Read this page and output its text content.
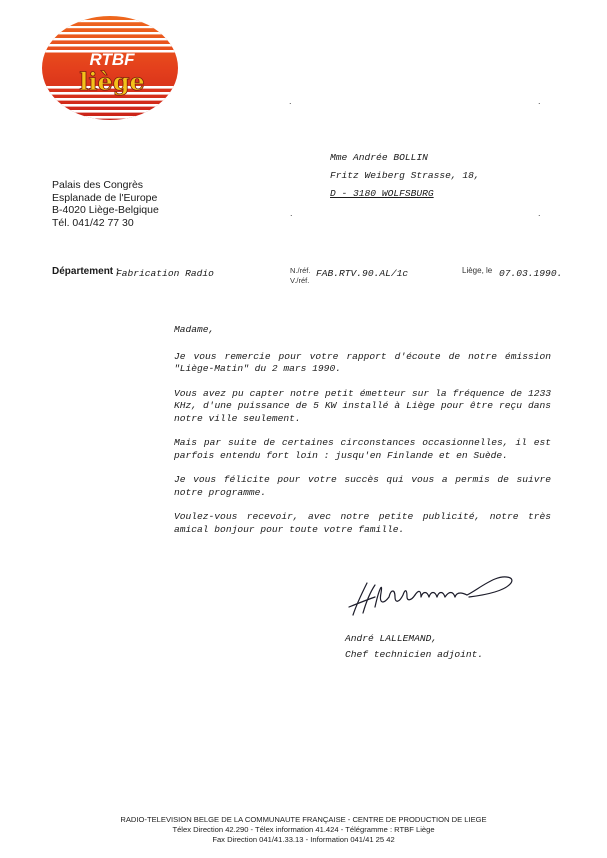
RTBF
liège
.	.
.
.
Palais des Congrès
Esplanade de l'Europe
B-4020 Liège-Belgique
Tél. 041/42 77 30
Mme Andrée BOLLIN
Fritz Weiberg Strasse, 18,
D - 3180 WOLFSBURG
Département :
Fabrication Radio	N./réf.
V./réf.
FAB.RTV.90.AL/1c	Liège, le 07.03.1990.

Madame,

Je vous remercie pour votre rapport d'écoute de notre émission "Liège-Matin" du 2 mars 1990.

Vous avez pu capter notre petit émetteur sur la fréquence de 1233 KHz, d'une puissance de 5 KW installé à Liège pour être reçu dans notre ville seulement.

Mais par suite de certaines circonstances occasionnelles, il est parfois entendu fort loin : jusqu'en Finlande et en Suède.

Je vous félicite pour votre succès qui vous a permis de suivre notre programme.

Voulez-vous recevoir, avec notre petite publicité, notre très amical bonjour pour toute votre famille.

André LALLEMAND,
Chef technicien adjoint.
RADIO-TELEVISION BELGE DE LA COMMUNAUTE FRANÇAISE - CENTRE DE PRODUCTION DE LIEGE
Télex Direction 42.290 - Télex information 41.424 - Télégramme : RTBF Liège
Fax Direction 041/41.33.13 - Information 041/41 25 42
